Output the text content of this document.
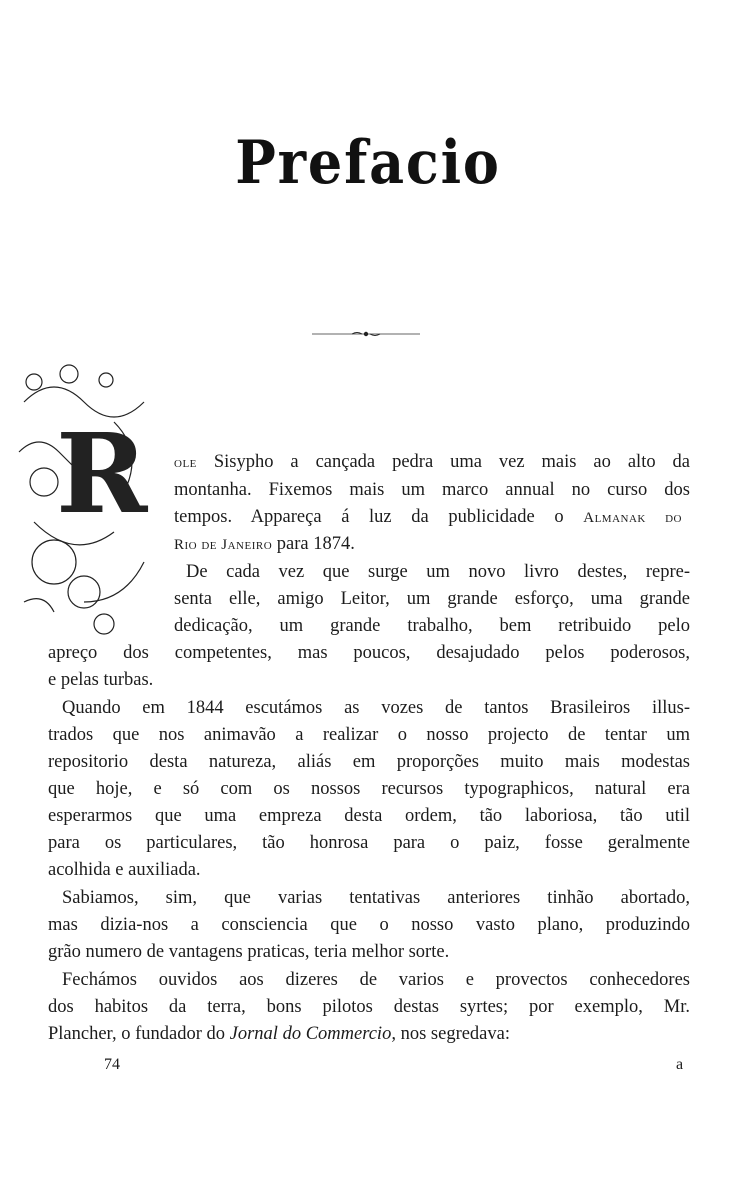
Prefacio
R ole Sisypho a cançada pedra uma vez mais ao alto da
montanha. Fixemos mais um marco annual no curso dos
tempos. Appareça á luz da publicidade o Almanak do
Rio de Janeiro para 1874.
De cada vez que surge um novo livro destes, repre-
senta elle, amigo Leitor, um grande esforço, uma grande
dedicação, um grande trabalho, bem retribuido pelo
apreço dos competentes, mas poucos, desajudado pelos poderosos,
e pelas turbas.
Quando em 1844 escutámos as vozes de tantos Brasileiros illus-
trados que nos animavão a realizar o nosso projecto de tentar um
repositorio desta natureza, aliás em proporções muito mais modestas
que hoje, e só com os nossos recursos typographicos, natural era
esperarmos que uma empreza desta ordem, tão laboriosa, tão util
para os particulares, tão honrosa para o paiz, fosse geralmente
acolhida e auxiliada.
Sabiamos, sim, que varias tentativas anteriores tinhão abortado,
mas dizia-nos a consciencia que o nosso vasto plano, produzindo
grão numero de vantagens praticas, teria melhor sorte.
Fechámos ouvidos aos dizeres de varios e provectos conhecedores
dos habitos da terra, bons pilotos destas syrtes; por exemplo, Mr.
Plancher, o fundador do Jornal do Commercio, nos segredava:
74	a
